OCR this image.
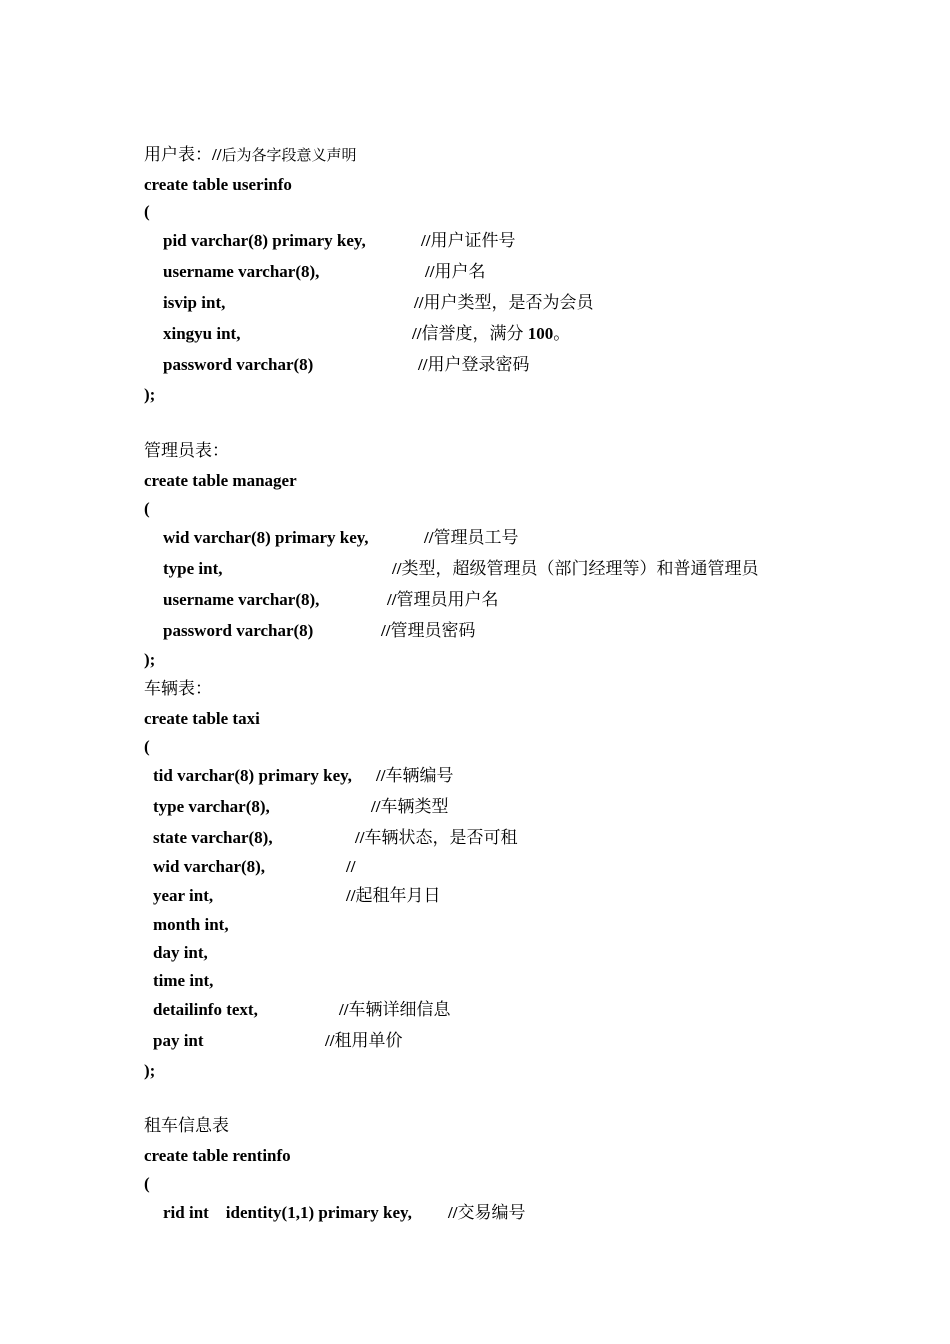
用户表：//后为各字段意义声明
create table userinfo
(
pid varchar(8) primary key,	//用户证件号
username varchar(8),	//用户名
isvip int,	//用户类型，是否为会员
xingyu int,	//信誉度，满分 100。
password varchar(8)	//用户登录密码
);
管理员表：
create table manager
(
wid varchar(8) primary key,	//管理员工号
type int,	//类型，超级管理员（部门经理等）和普通管理员
username varchar(8),	//管理员用户名
password varchar(8)	//管理员密码
);
车辆表：
create table taxi
(
tid varchar(8) primary key, //车辆编号
type varchar(8),	//车辆类型
state varchar(8),	//车辆状态，是否可租
wid varchar(8),	//
year int,	//起租年月日
month int,
day int,
time int,
detailinfo text,	//车辆详细信息
pay int	//租用单价
);
租车信息表
create table rentinfo
(
rid int    identity(1,1) primary key, //交易编号
